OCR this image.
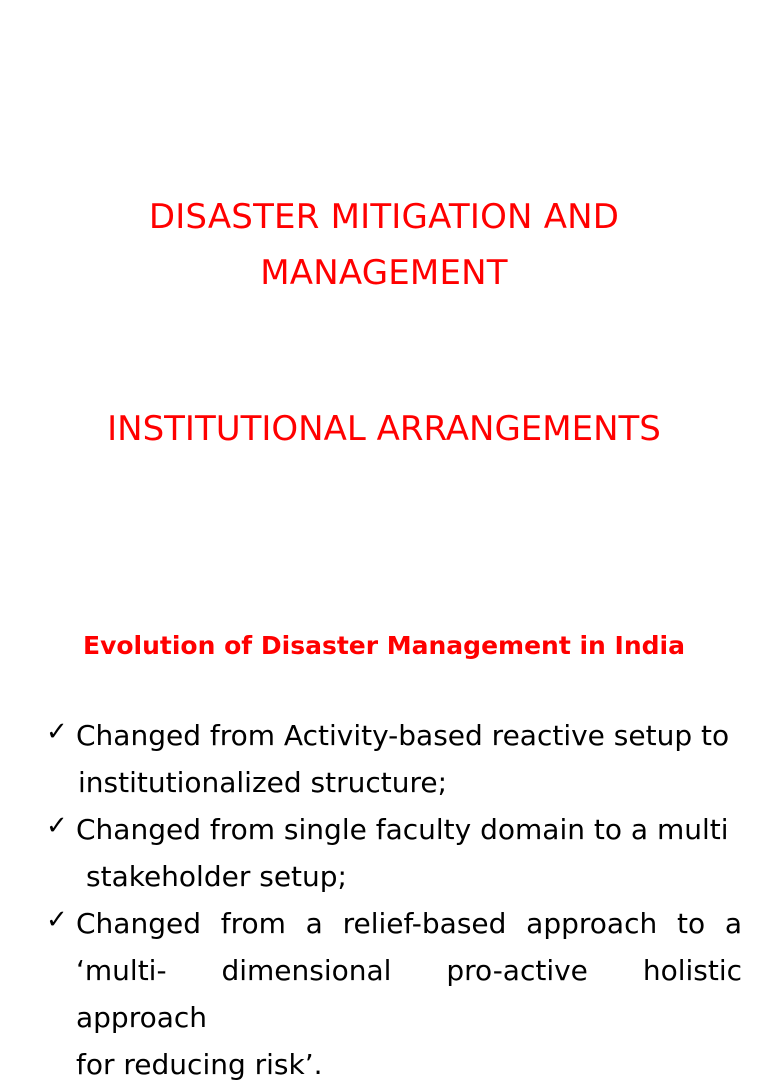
DISASTER MITIGATION AND
MANAGEMENT
INSTITUTIONAL ARRANGEMENTS
Evolution of Disaster Management in India
✓ Changed from Activity-based reactive setup to
institutionalized structure;
✓ Changed from single faculty domain to a multi
stakeholder setup;
✓ Changed from a relief-based approach to a
‘multi- dimensional pro-active holistic approach
for reducing risk’.
